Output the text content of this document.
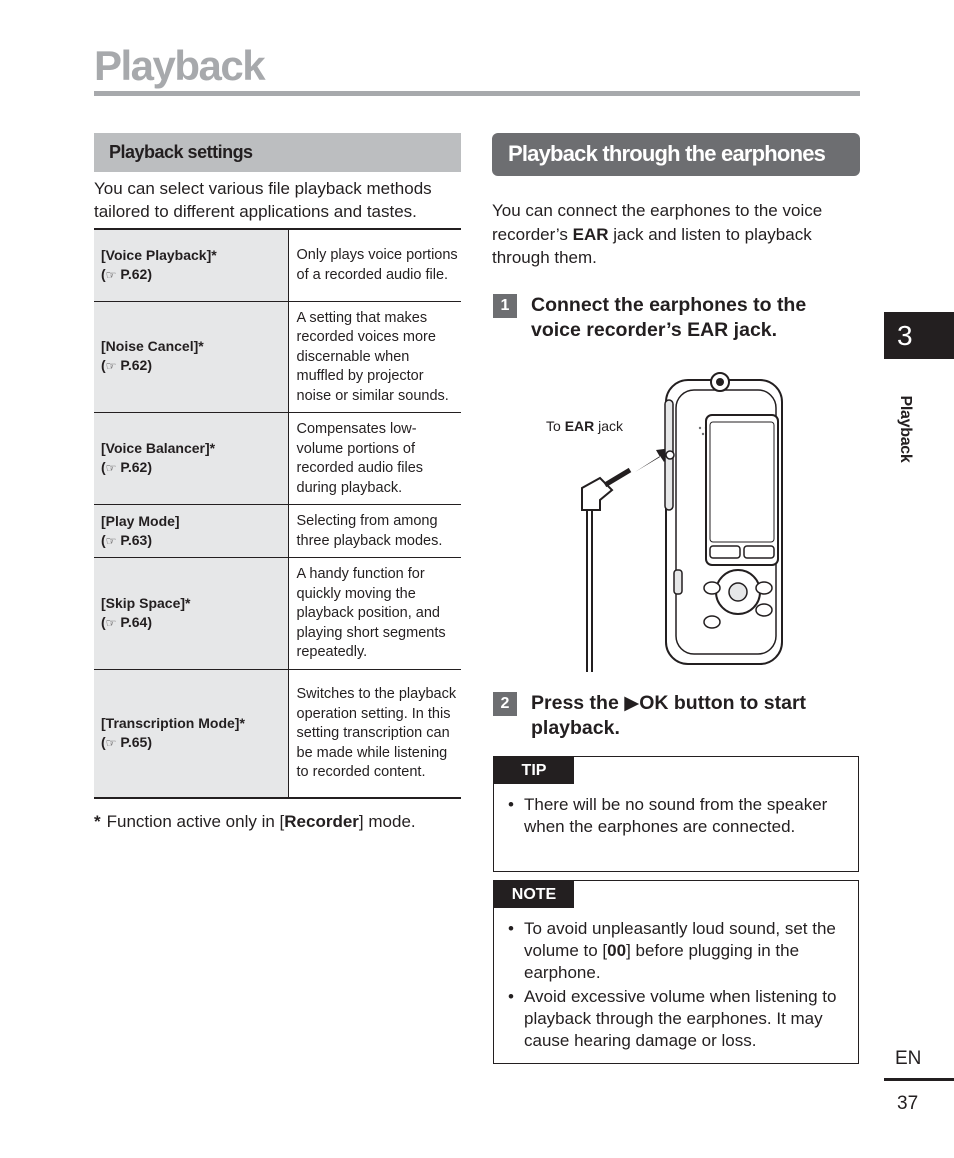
Playback
Playback settings
You can select various file playback methods tailored to different applications and tastes.
[Voice Playback]*
(☞ P.62)	Only plays voice portions of a recorded audio file.

[Noise Cancel]*
(☞ P.62)	A setting that makes recorded voices more discernable when muffled by projector noise or similar sounds.

[Voice Balancer]*
(☞ P.62)	Compensates low-volume portions of recorded audio files during playback.

[Play Mode]
(☞ P.63)	Selecting from among three playback modes.

[Skip Space]*
(☞ P.64)	A handy function for quickly moving the playback position, and playing short segments repeatedly.

[Transcription Mode]*
(☞ P.65)	Switches to the playback operation setting. In this setting transcription can be made while listening to recorded content.
* Function active only in [Recorder] mode.
Playback through the earphones
You can connect the earphones to the voice recorder’s EAR jack and listen to playback through them.
1	Connect the earphones to the
voice recorder’s EAR jack.
To EAR jack
2	Press the ▶OK button to start
playback.
TIP
• There will be no sound from the speaker when the earphones are connected.
NOTE
• To avoid unpleasantly loud sound, set the volume to [00] before plugging in the earphone.
• Avoid excessive volume when listening to playback through the earphones. It may cause hearing damage or loss.
3
Playback
EN
37
